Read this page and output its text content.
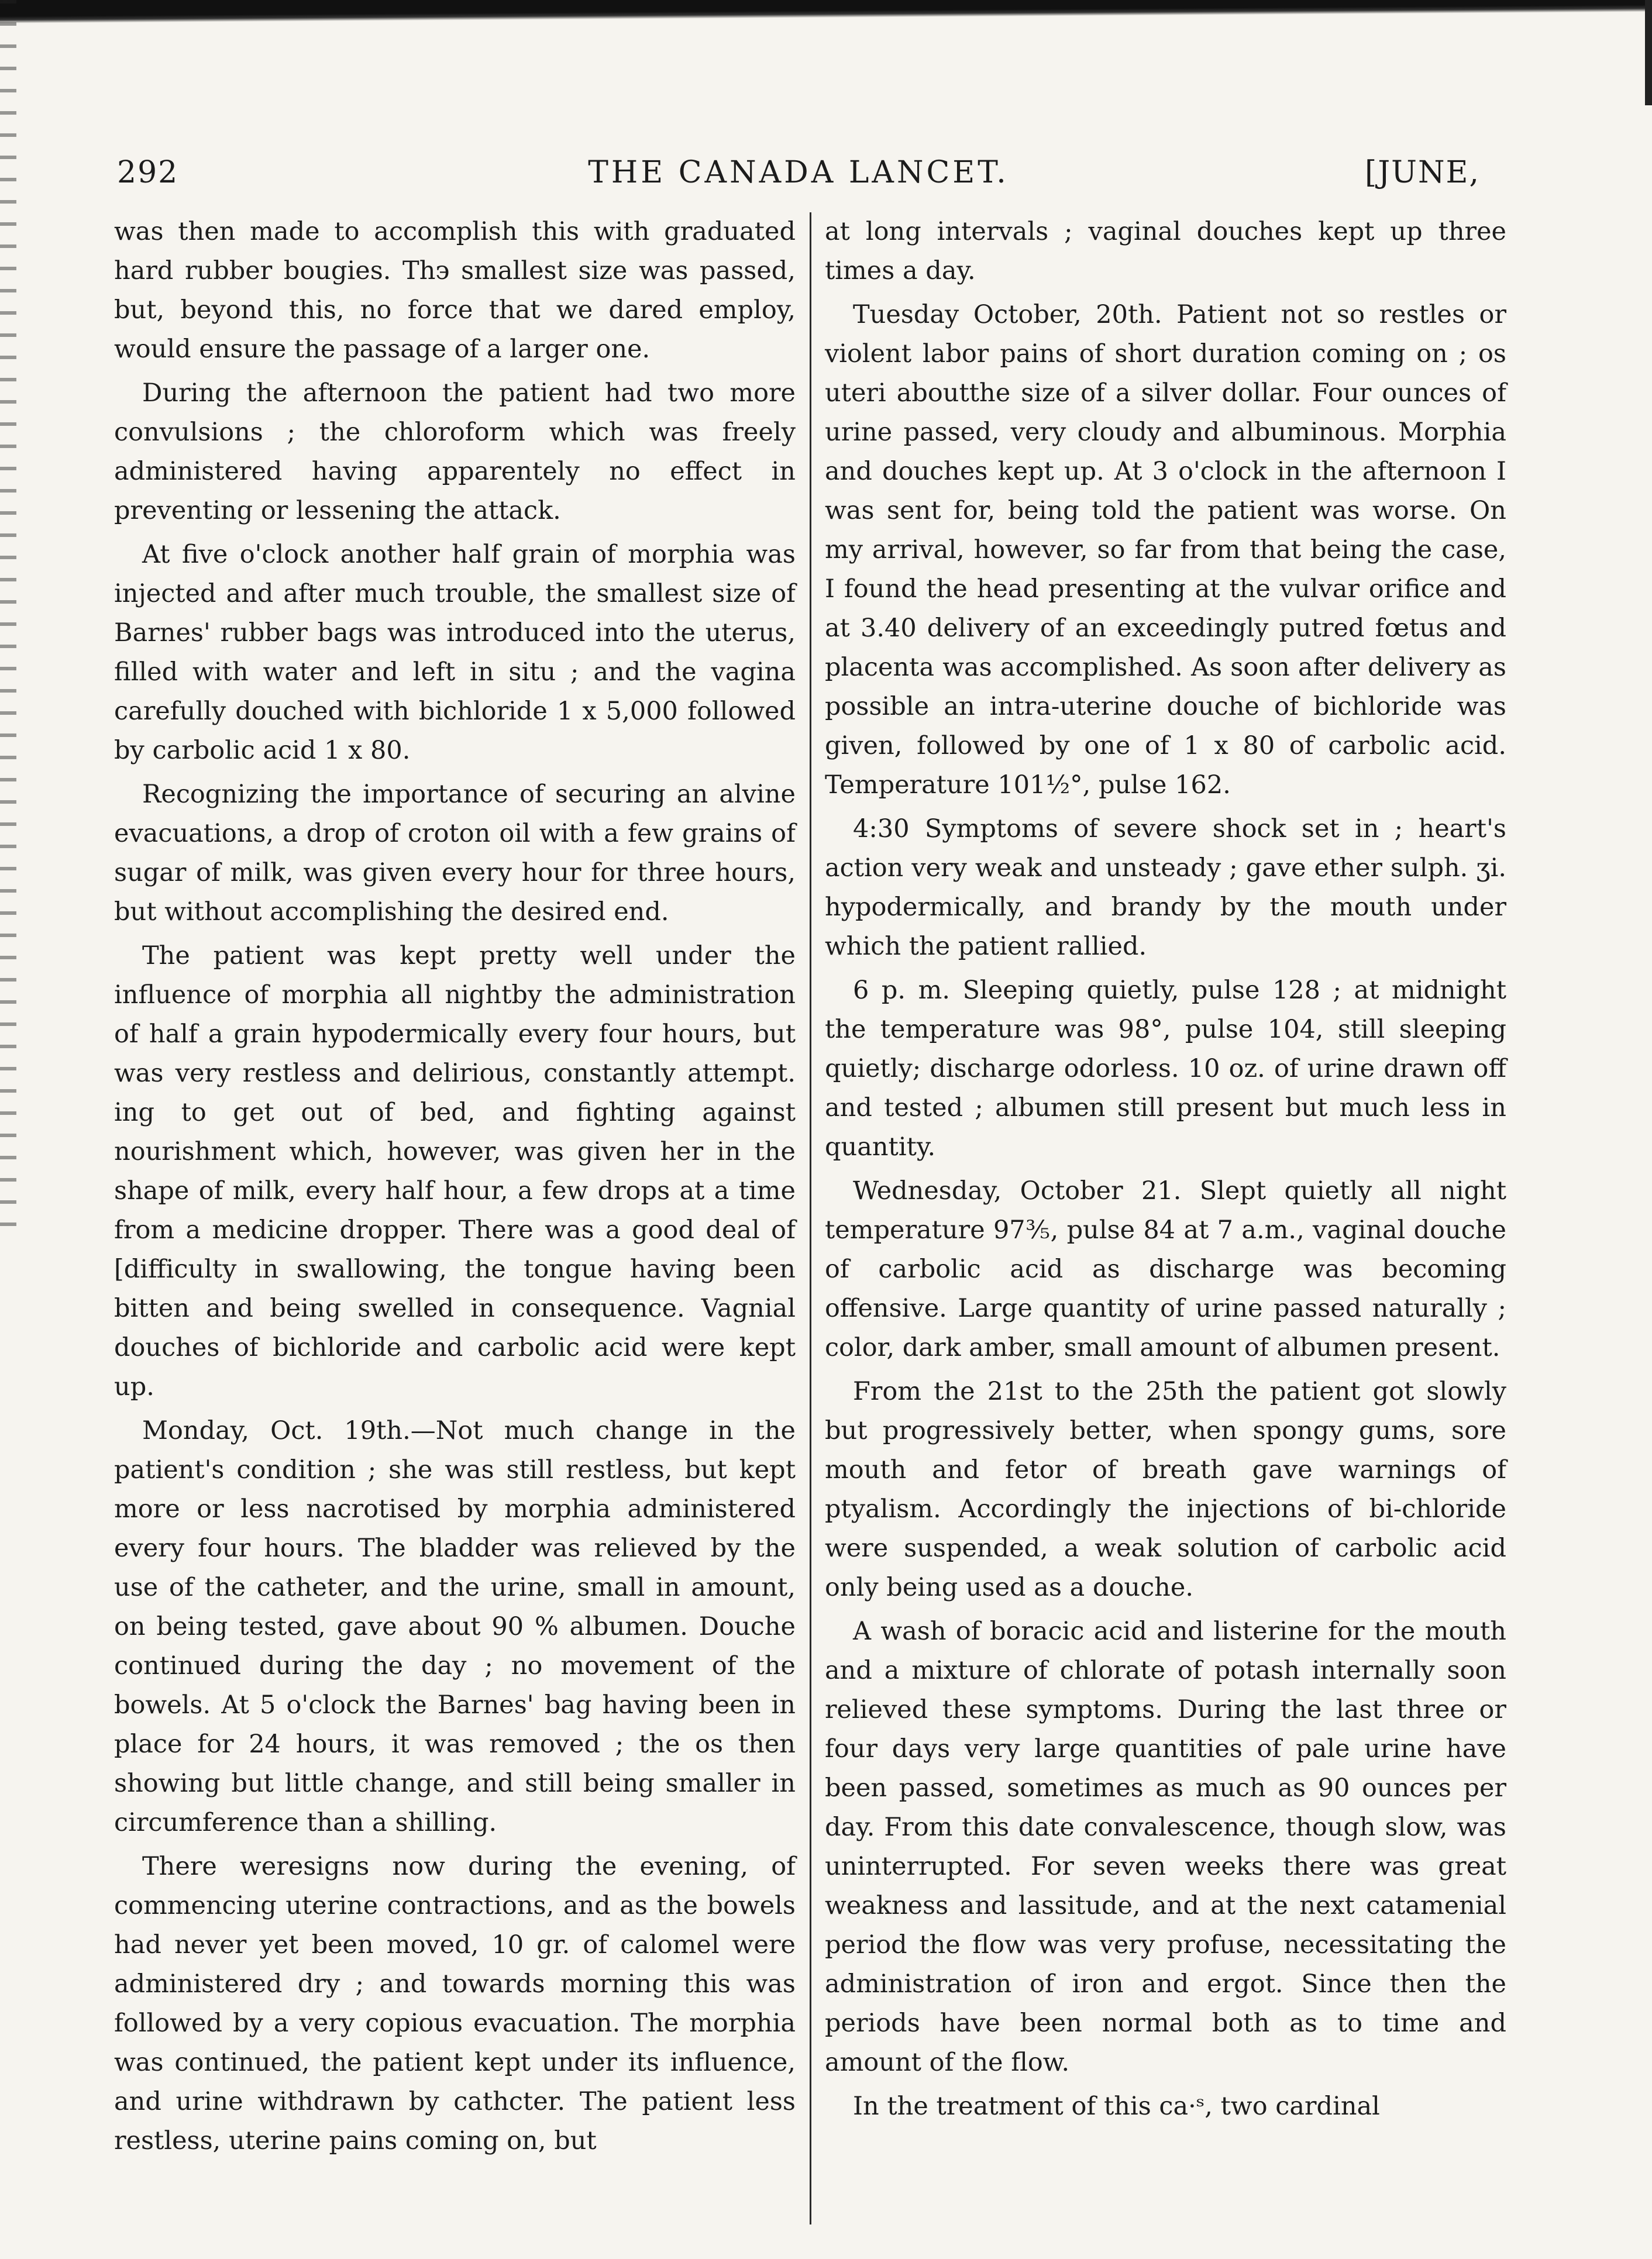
THE CANADA LANCET.
292	[JUNE,

was then made to accomplish this with graduated hard rubber bougies. Th϶ smallest size was passed, but, beyond this, no force that we dared employ, would ensure the passage of a larger one.

During the afternoon the patient had two more convulsions ; the chloroform which was freely administered having apparentely no effect in preventing or lessening the attack.

At five o'clock another half grain of morphia was injected and after much trouble, the smallest size of Barnes' rubber bags was introduced into the uterus, filled with water and left in situ ; and the vagina carefully douched with bichloride 1 x 5,000 followed by carbolic acid 1 x 80.

Recognizing the importance of securing an alvine evacuations, a drop of croton oil with a few grains of sugar of milk, was given every hour for three hours, but without accomplishing the desired end.

The patient was kept pretty well under the influence of morphia all nightby the administration of half a grain hypodermically every four hours, but was very restless and delirious, constantly attempt. ing to get out of bed, and fighting against nourishment which, however, was given her in the shape of milk, every half hour, a few drops at a time from a medicine dropper. There was a good deal of [difficulty in swallowing, the tongue having been bitten and being swelled in consequence. Vagnial douches of bichloride and carbolic acid were kept up.

Monday, Oct. 19th.—Not much change in the patient's condition ; she was still restless, but kept more or less nacrotised by morphia administered every four hours. The bladder was relieved by the use of the catheter, and the urine, small in amount, on being tested, gave about 90 % albumen. Douche continued during the day ; no movement of the bowels. At 5 o'clock the Barnes' bag having been in place for 24 hours, it was removed ; the os then showing but little change, and still being smaller in circumference than a shilling.

There weresigns now during the evening, of commencing uterine contractions, and as the bowels had never yet been moved, 10 gr. of calomel were administered dry ; and towards morning this was followed by a very copious evacuation. The morphia was continued, the patient kept under its influence, and urine withdrawn by cathcter. The patient less restless, uterine pains coming on, but

at long intervals ; vaginal douches kept up three times a day.

Tuesday October, 20th. Patient not so restles or violent labor pains of short duration coming on ; os uteri aboutthe size of a silver dollar. Four ounces of urine passed, very cloudy and albuminous. Morphia and douches kept up. At 3 o'clock in the afternoon I was sent for, being told the patient was worse. On my arrival, however, so far from that being the case, I found the head presenting at the vulvar orifice and at 3.40 delivery of an exceedingly putred fœtus and placenta was accomplished. As soon after delivery as possible an intra-uterine douche of bichloride was given, followed by one of 1 x 80 of carbolic acid. Temperature 101½°, pulse 162.

4:30 Symptoms of severe shock set in ; heart's action very weak and unsteady ; gave ether sulph. ʒi. hypodermically, and brandy by the mouth under which the patient rallied.

6 p. m. Sleeping quietly, pulse 128 ; at midnight the temperature was 98°, pulse 104, still sleeping quietly; discharge odorless. 10 oz. of urine drawn off and tested ; albumen still present but much less in quantity.

Wednesday, October 21. Slept quietly all night temperature 97⅗, pulse 84 at 7 a.m., vaginal douche of carbolic acid as discharge was becoming offensive. Large quantity of urine passed naturally ; color, dark amber, small amount of albumen present.

From the 21st to the 25th the patient got slowly but progressively better, when spongy gums, sore mouth and fetor of breath gave warnings of ptyalism. Accordingly the injections of bi-chloride were suspended, a weak solution of carbolic acid only being used as a douche.

A wash of boracic acid and listerine for the mouth and a mixture of chlorate of potash internally soon relieved these symptoms. During the last three or four days very large quantities of pale urine have been passed, sometimes as much as 90 ounces per day. From this date convalescence, though slow, was uninterrupted. For seven weeks there was great weakness and lassitude, and at the next catamenial period the flow was very profuse, necessitating the administration of iron and ergot. Since then the periods have been normal both as to time and amount of the flow.

In the treatment of this ca·ˢ, two cardinal
